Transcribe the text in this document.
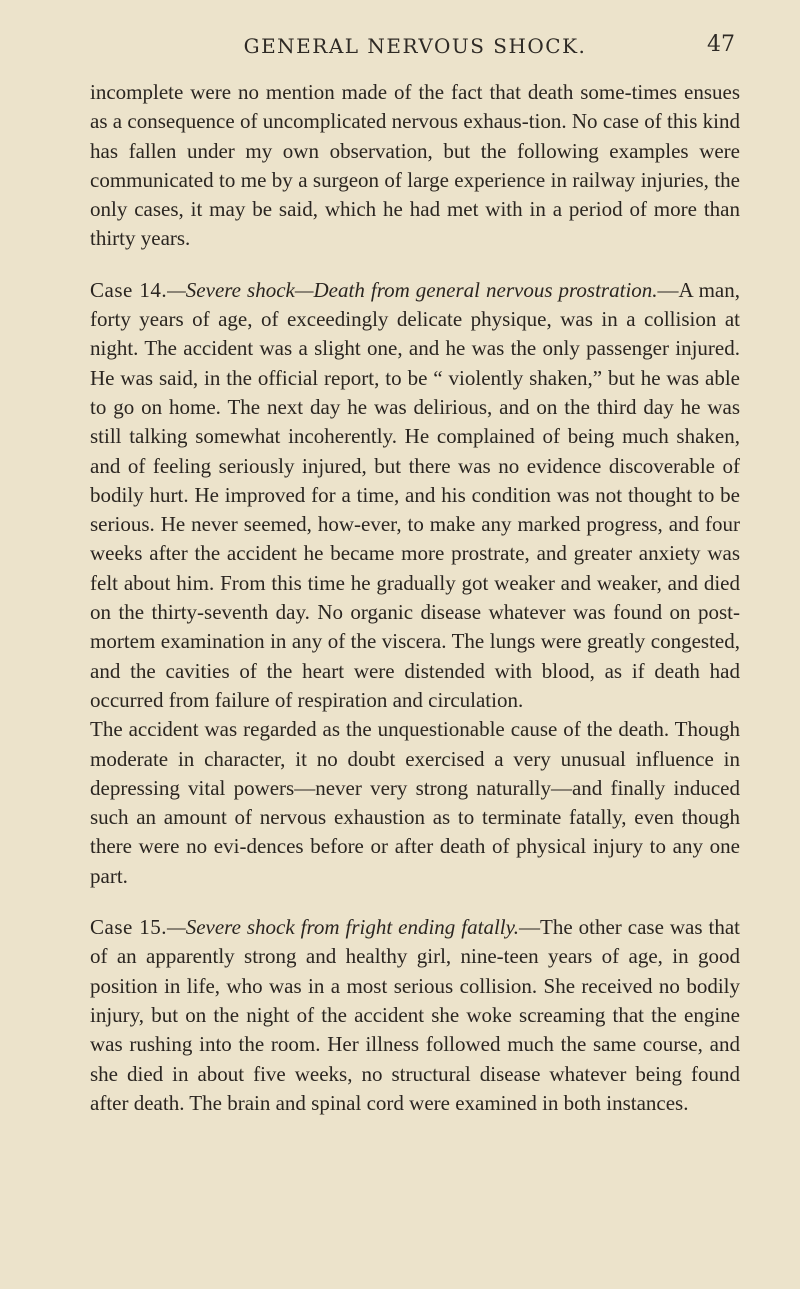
GENERAL NERVOUS SHOCK.	47

incomplete were no mention made of the fact that death some-times ensues as a consequence of uncomplicated nervous exhaus-tion. No case of this kind has fallen under my own observation, but the following examples were communicated to me by a surgeon of large experience in railway injuries, the only cases, it may be said, which he had met with in a period of more than thirty years.

Case 14.—Severe shock—Death from general nervous prostration.—A man, forty years of age, of exceedingly delicate physique, was in a collision at night. The accident was a slight one, and he was the only passenger injured. He was said, in the official report, to be “ violently shaken,” but he was able to go on home. The next day he was delirious, and on the third day he was still talking somewhat incoherently. He complained of being much shaken, and of feeling seriously injured, but there was no evidence discoverable of bodily hurt. He improved for a time, and his condition was not thought to be serious. He never seemed, how-ever, to make any marked progress, and four weeks after the accident he became more prostrate, and greater anxiety was felt about him. From this time he gradually got weaker and weaker, and died on the thirty-seventh day. No organic disease whatever was found on post-mortem examination in any of the viscera. The lungs were greatly congested, and the cavities of the heart were distended with blood, as if death had occurred from failure of respiration and circulation.

The accident was regarded as the unquestionable cause of the death. Though moderate in character, it no doubt exercised a very unusual influence in depressing vital powers—never very strong naturally—and finally induced such an amount of nervous exhaustion as to terminate fatally, even though there were no evi-dences before or after death of physical injury to any one part.

Case 15.—Severe shock from fright ending fatally.—The other case was that of an apparently strong and healthy girl, nine-teen years of age, in good position in life, who was in a most serious collision. She received no bodily injury, but on the night of the accident she woke screaming that the engine was rushing into the room. Her illness followed much the same course, and she died in about five weeks, no structural disease whatever being found after death. The brain and spinal cord were examined in both instances.
